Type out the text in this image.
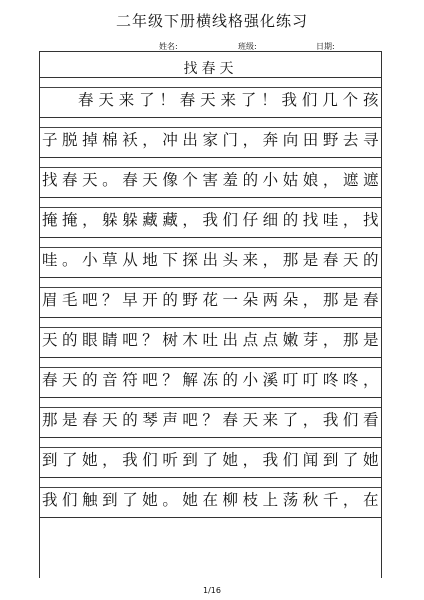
二年级下册横线格强化练习
姓名:	班级:	日期:
找春天
春天来了！春天来了！我们几个孩
子脱掉棉袄，冲出家门，奔向田野去寻
找春天。春天像个害羞的小姑娘，遮遮
掩掩，躲躲藏藏，我们仔细的找哇，找
哇。小草从地下探出头来，那是春天的
眉毛吧？早开的野花一朵两朵，那是春
天的眼睛吧？树木吐出点点嫩芽，那是
春天的音符吧？解冻的小溪叮叮咚咚，
那是春天的琴声吧？春天来了，我们看
到了她，我们听到了她，我们闻到了她
我们触到了她。她在柳枝上荡秋千，在
1/16
